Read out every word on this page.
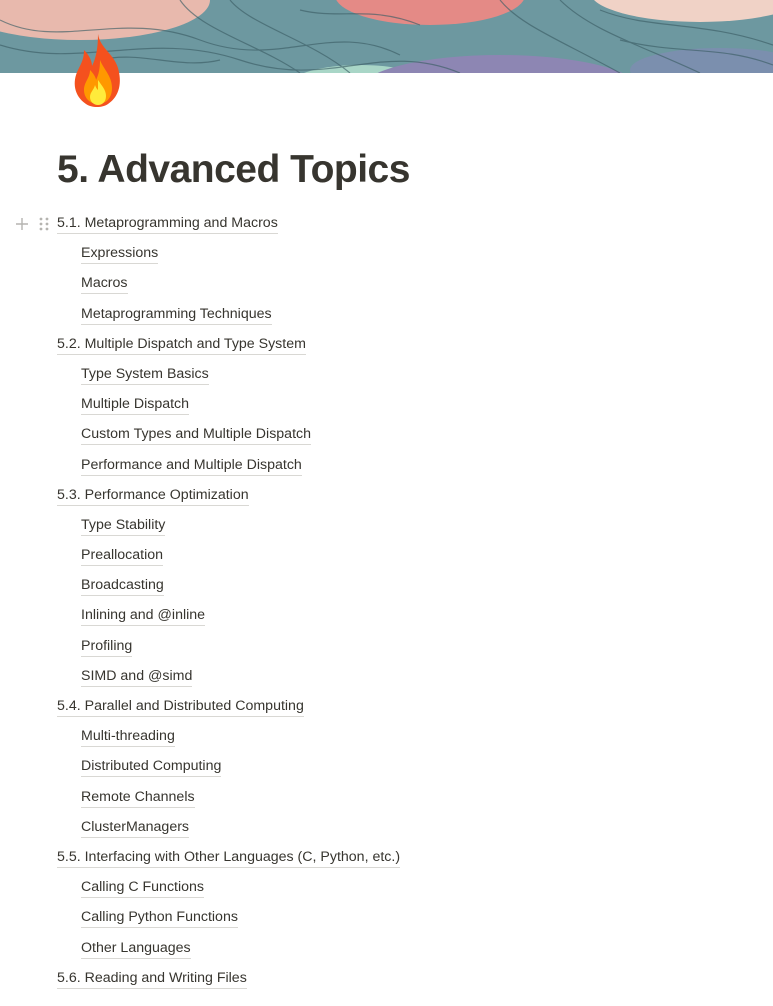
5. Advanced Topics
5.1. Metaprogramming and Macros
Expressions
Macros
Metaprogramming Techniques
5.2. Multiple Dispatch and Type System
Type System Basics
Multiple Dispatch
Custom Types and Multiple Dispatch
Performance and Multiple Dispatch
5.3. Performance Optimization
Type Stability
Preallocation
Broadcasting
Inlining and @inline
Profiling
SIMD and @simd
5.4. Parallel and Distributed Computing
Multi-threading
Distributed Computing
Remote Channels
ClusterManagers
5.5. Interfacing with Other Languages (C, Python, etc.)
Calling C Functions
Calling Python Functions
Other Languages
5.6. Reading and Writing Files
